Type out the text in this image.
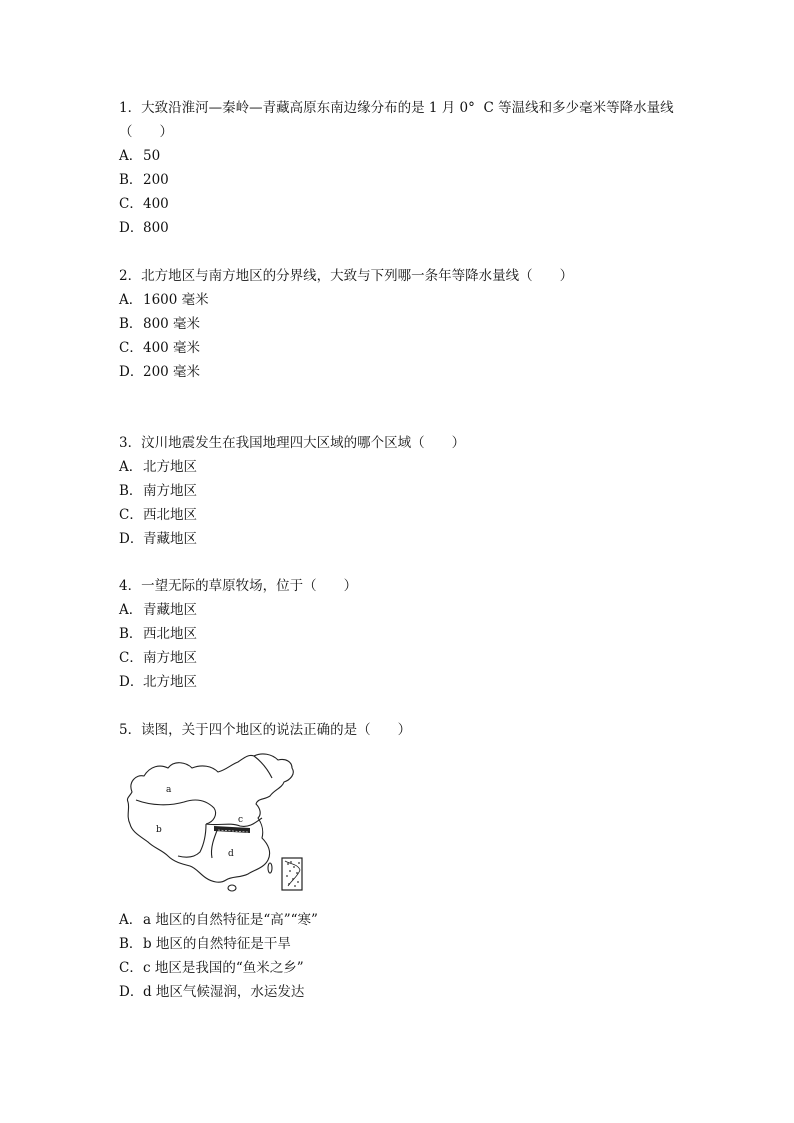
1．大致沿淮河—秦岭—青藏高原东南边缘分布的是 1 月 0°  C 等温线和多少毫米等降水量线（　　）
A．50
B．200
C．400
D．800
2．北方地区与南方地区的分界线，大致与下列哪一条年等降水量线（　　）
A．1600 毫米
B．800 毫米
C．400 毫米
D．200 毫米
3．汶川地震发生在我国地理四大区域的哪个区域（　　）
A．北方地区
B．南方地区
C．西北地区
D．青藏地区
4．一望无际的草原牧场，位于（　　）
A．青藏地区
B．西北地区
C．南方地区
D．北方地区
5．读图，关于四个地区的说法正确的是（　　）
a
b
c
d
A．a 地区的自然特征是“高”“寒”
B．b 地区的自然特征是干旱
C．c 地区是我国的“鱼米之乡”
D．d 地区气候湿润，水运发达
